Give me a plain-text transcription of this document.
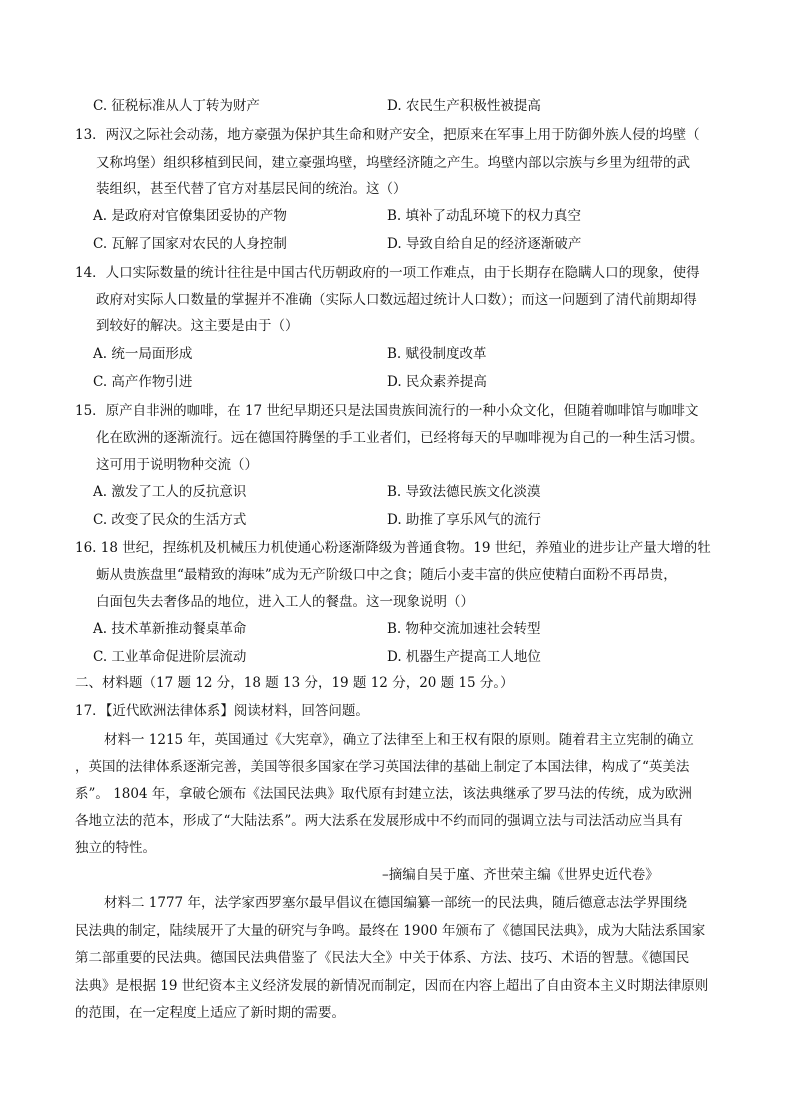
C. 征税标准从人丁转为财产	D. 农民生产积极性被提高
13．两汉之际社会动荡，地方豪强为保护其生命和财产安全，把原来在军事上用于防御外族人侵的坞壁（
又称坞堡）组织移植到民间，建立豪强坞壁，坞壁经济随之产生。坞壁内部以宗族与乡里为纽带的武
装组织，甚至代替了官方对基层民间的统治。这（）
A. 是政府对官僚集团妥协的产物	B. 填补了动乱环境下的权力真空
C. 瓦解了国家对农民的人身控制	D. 导致自给自足的经济逐渐破产
14．人口实际数量的统计往往是中国古代历朝政府的一项工作难点，由于长期存在隐瞒人口的现象，使得
政府对实际人口数量的掌握并不准确（实际人口数远超过统计人口数）；而这一问题到了清代前期却得
到较好的解决。这主要是由于（）
A. 统一局面形成	B. 赋役制度改革
C. 高产作物引进	D. 民众素养提高
15．原产自非洲的咖啡，在 17 世纪早期还只是法国贵族间流行的一种小众文化，但随着咖啡馆与咖啡文
化在欧洲的逐渐流行。远在德国符腾堡的手工业者们，已经将每天的早咖啡视为自己的一种生活习惯。
这可用于说明物种交流（）
A. 激发了工人的反抗意识	B. 导致法德民族文化淡漠
C. 改变了民众的生活方式	D. 助推了享乐风气的流行
16. 18 世纪，捏练机及机械压力机使通心粉逐渐降级为普通食物。19 世纪，养殖业的进步让产量大增的牡
蛎从贵族盘里“最精致的海味”成为无产阶级口中之食；随后小麦丰富的供应使精白面粉不再昂贵，
白面包失去奢侈品的地位，进入工人的餐盘。这一现象说明（）
A. 技术革新推动餐桌革命	B. 物种交流加速社会转型
C. 工业革命促进阶层流动	D. 机器生产提高工人地位
二、材料题（17 题 12 分，18 题 13 分，19 题 12 分，20 题 15 分。）
17．【近代欧洲法律体系】阅读材料，回答问题。
材料一 1215 年，英国通过《大宪章》，确立了法律至上和王权有限的原则。随着君主立宪制的确立
，英国的法律体系逐渐完善，美国等很多国家在学习英国法律的基础上制定了本国法律，构成了“英美法
系”。 1804 年，拿破仑颁布《法国民法典》取代原有封建立法，该法典继承了罗马法的传统，成为欧洲
各地立法的范本，形成了“大陆法系”。两大法系在发展形成中不约而同的强调立法与司法活动应当具有
独立的特性。
–摘编自吴于廑、齐世荣主编《世界史近代卷》
材料二 1777 年，法学家西罗塞尔最早倡议在德国编纂一部统一的民法典，随后德意志法学界围绕
民法典的制定，陆续展开了大量的研究与争鸣。最终在 1900 年颁布了《德国民法典》，成为大陆法系国家
第二部重要的民法典。德国民法典借鉴了《民法大全》中关于体系、方法、技巧、术语的智慧。《德国民
法典》是根据 19 世纪资本主义经济发展的新情况而制定，因而在内容上超出了自由资本主义时期法律原则
的范围，在一定程度上适应了新时期的需要。
